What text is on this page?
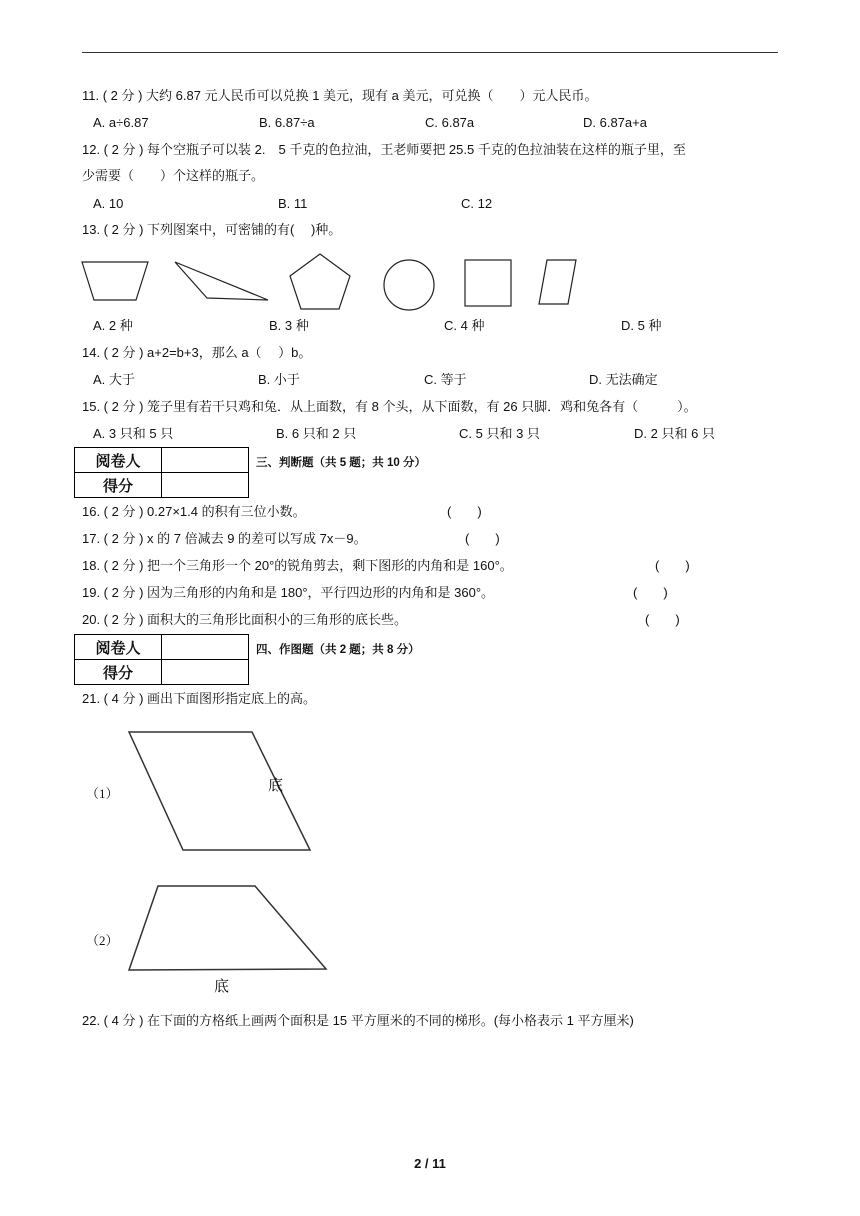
11. ( 2 分 ) 大约 6.87 元人民币可以兑换 1 美元，现有 a 美元，可兑换（　　）元人民币。
A. a÷6.87	B. 6.87÷a	C. 6.87a	D. 6.87a+a
12. ( 2 分 ) 每个空瓶子可以装 2.　5 千克的色拉油，王老师要把 25.5 千克的色拉油装在这样的瓶子里，至
少需要（　　）个这样的瓶子。
A. 10	B. 11	C. 12
13. ( 2 分 ) 下列图案中，可密铺的有(　 )种。
A. 2 种	B. 3 种	C. 4 种	D. 5 种
14. ( 2 分 ) a+2=b+3，那么 a（　 ）b。
A. 大于	B. 小于	C. 等于	D. 无法确定
15. ( 2 分 ) 笼子里有若干只鸡和兔．从上面数，有 8 个头，从下面数，有 26 只脚．鸡和兔各有（　　　）。
A. 3 只和 5 只	B. 6 只和 2 只	C. 5 只和 3 只	D. 2 只和 6 只
阅卷人	
得分	
三、判断题（共 5 题；共 10 分）
16. ( 2 分 ) 0.27×1.4 的积有三位小数。	(　　)
17. ( 2 分 ) x 的 7 倍减去 9 的差可以写成 7x－9。	(　　)
18. ( 2 分 ) 把一个三角形一个 20°的锐角剪去，剩下图形的内角和是 160°。	(　　)
19. ( 2 分 ) 因为三角形的内角和是 180°，平行四边形的内角和是 360°。	(　　)
20. ( 2 分 ) 面积大的三角形比面积小的三角形的底长些。	(　　)
阅卷人	
得分	
四、作图题（共 2 题；共 8 分）
21. ( 4 分 ) 画出下面图形指定底上的高。
（1）	底
（2）
底
22. ( 4 分 ) 在下面的方格纸上画两个面积是 15 平方厘米的不同的梯形。(每小格表示 1 平方厘米)
2 / 11
